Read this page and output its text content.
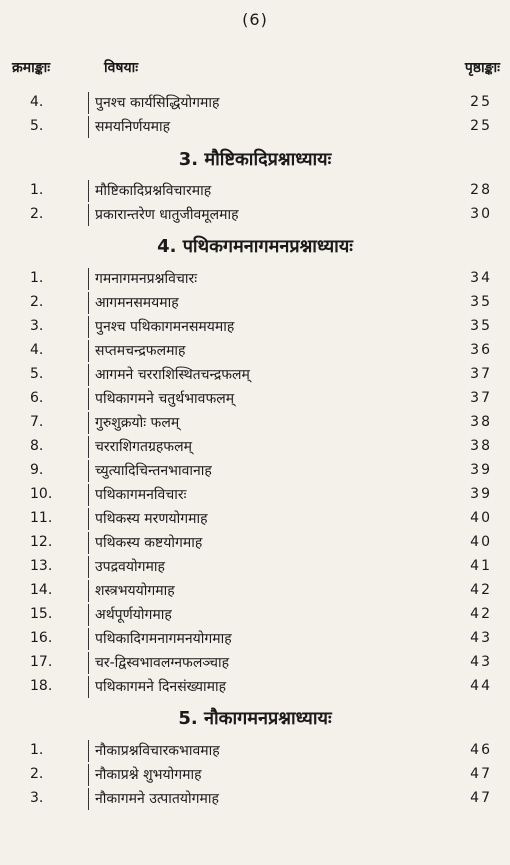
(6)
क्रमाङ्काः	विषयाः	पृष्ठाङ्काः
4.	पुनश्च कार्यसिद्धियोगमाह	25
5.	समयनिर्णयमाह	25
3. मौष्टिकादिप्रश्नाध्यायः
1.	मौष्टिकादिप्रश्नविचारमाह	28
2.	प्रकारान्तरेण धातुजीवमूलमाह	30
4. पथिकगमनागमनप्रश्नाध्यायः
1.	गमनागमनप्रश्नविचारः	34
2.	आगमनसमयमाह	35
3.	पुनश्च पथिकागमनसमयमाह	35
4.	सप्तमचन्द्रफलमाह	36
5.	आगमने चरराशिस्थितचन्द्रफलम्	37
6.	पथिकागमने चतुर्थभावफलम्	37
7.	गुरुशुक्रयोः फलम्	38
8.	चरराशिगतग्रहफलम्	38
9.	च्युत्यादिचिन्तनभावानाह	39
10.	पथिकागमनविचारः	39
11.	पथिकस्य मरणयोगमाह	40
12.	पथिकस्य कष्टयोगमाह	40
13.	उपद्रवयोगमाह	41
14.	शस्त्रभययोगमाह	42
15.	अर्थपूर्णयोगमाह	42
16.	पथिकादिगमनागमनयोगमाह	43
17.	चर-द्विस्वभावलग्नफलञ्चाह	43
18.	पथिकागमने दिनसंख्यामाह	44
5. नौकागमनप्रश्नाध्यायः
1.	नौकाप्रश्नविचारकभावमाह	46
2.	नौकाप्रश्ने शुभयोगमाह	47
3.	नौकागमने उत्पातयोगमाह	47
